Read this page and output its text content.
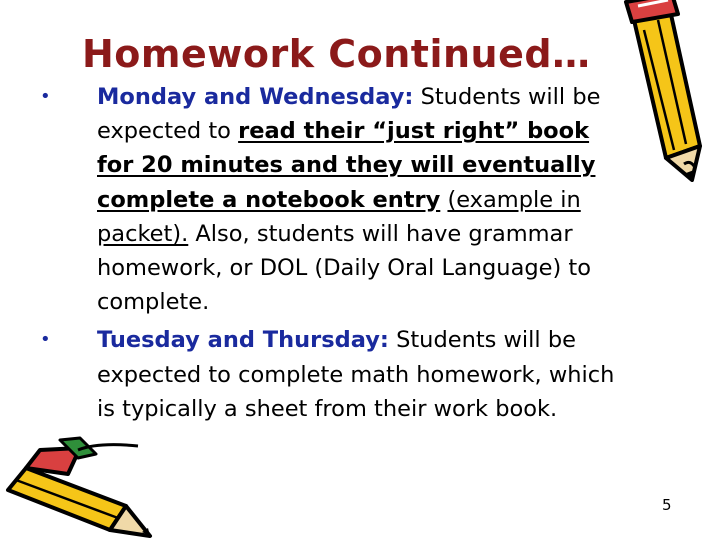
Homework Continued…
• Monday and Wednesday: Students will be expected to read their “just right” book for 20 minutes and they will eventually complete a notebook entry (example in packet). Also, students will have grammar homework, or DOL (Daily Oral Language) to complete.
• Tuesday and Thursday: Students will be expected to complete math homework, which is typically a sheet from their work book.
5
